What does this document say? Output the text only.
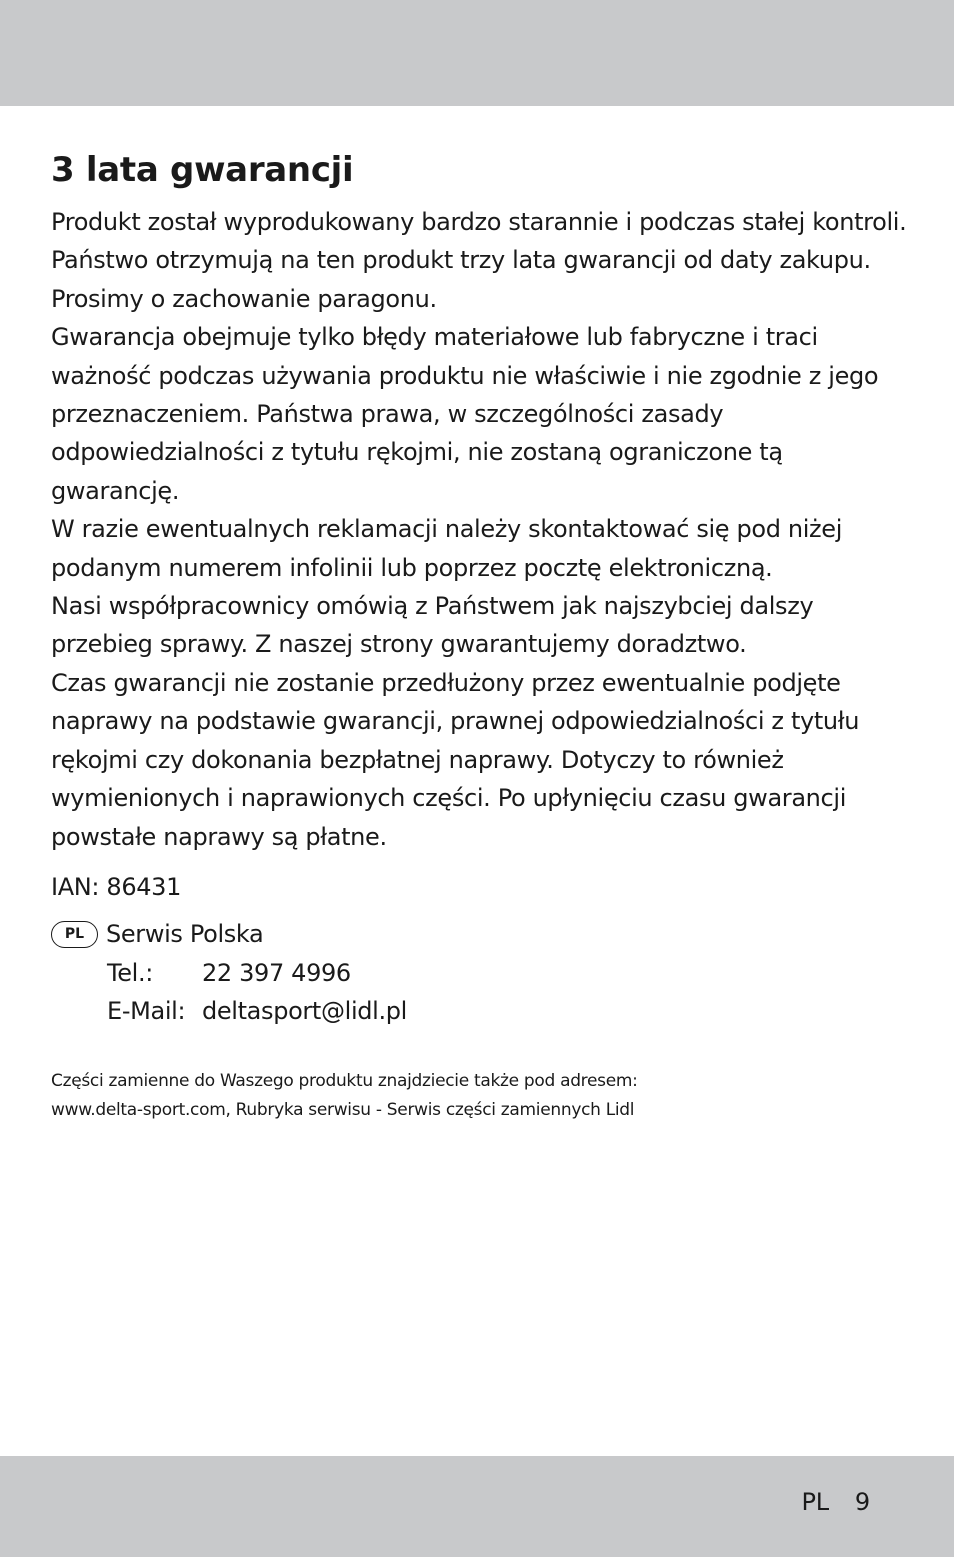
3 lata gwarancji

Produkt został wyprodukowany bardzo starannie i podczas stałej kontroli. Państwo otrzymują na ten produkt trzy lata gwarancji od daty zakupu. Prosimy o zachowanie paragonu.

Gwarancja obejmuje tylko błędy materiałowe lub fabryczne i traci ważność podczas używania produktu nie właściwie i nie zgodnie z jego przeznaczeniem. Państwa prawa, w szczególności zasady odpowiedzialności z tytułu rękojmi, nie zostaną ograniczone tą gwarancję.

W razie ewentualnych reklamacji należy skontaktować się pod niżej podanym numerem infolinii lub poprzez pocztę elektroniczną.

Nasi współpracownicy omówią z Państwem jak najszybciej dalszy przebieg sprawy. Z naszej strony gwarantujemy doradztwo.

Czas gwarancji nie zostanie przedłużony przez ewentualnie podjęte naprawy na podstawie gwarancji, prawnej odpowiedzialności z tytułu rękojmi czy dokonania bezpłatnej naprawy. Dotyczy to również wymienionych i naprawionych części. Po upłynięciu czasu gwarancji powstałe naprawy są płatne.

IAN: 86431
PL Serwis Polska
Tel.:	22 397 4996
E-Mail: deltasport@lidl.pl

Części zamienne do Waszego produktu znajdziecie także pod adresem:

www.delta-sport.com, Rubryka serwisu - Serwis części zamiennych Lidl

PL 9
